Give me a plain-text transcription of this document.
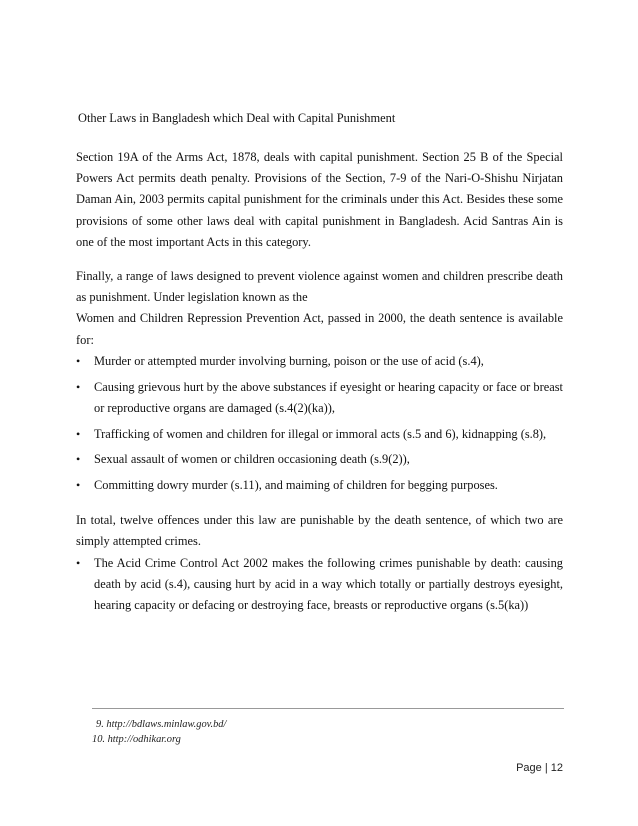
Other Laws in Bangladesh which Deal with Capital Punishment
Section 19A of the Arms Act, 1878, deals with capital punishment. Section 25 B of the Special Powers Act permits death penalty. Provisions of the Section, 7-9 of the Nari-O-Shishu Nirjatan Daman Ain, 2003 permits capital punishment for the criminals under this Act. Besides these some provisions of some other laws deal with capital punishment in Bangladesh. Acid Santras Ain is one of the most important Acts in this category.
Finally, a range of laws designed to prevent violence against women and children prescribe death as punishment. Under legislation known as the
Women and Children Repression Prevention Act, passed in 2000, the death sentence is available for:
• Murder or attempted murder involving burning, poison or the use of acid (s.4),
• Causing grievous hurt by the above substances if eyesight or hearing capacity or face or breast or reproductive organs are damaged (s.4(2)(ka)),
• Trafficking of women and children for illegal or immoral acts (s.5 and 6), kidnapping (s.8),
• Sexual assault of women or children occasioning death (s.9(2)),
• Committing dowry murder (s.11), and maiming of children for begging purposes.
In total, twelve offences under this law are punishable by the death sentence, of which two are simply attempted crimes.
• The Acid Crime Control Act 2002 makes the following crimes punishable by death: causing death by acid (s.4), causing hurt by acid in a way which totally or partially destroys eyesight, hearing capacity or defacing or destroying face, breasts or reproductive organs (s.5(ka))
9. http://bdlaws.minlaw.gov.bd/
10. http://odhikar.org
Page | 12
